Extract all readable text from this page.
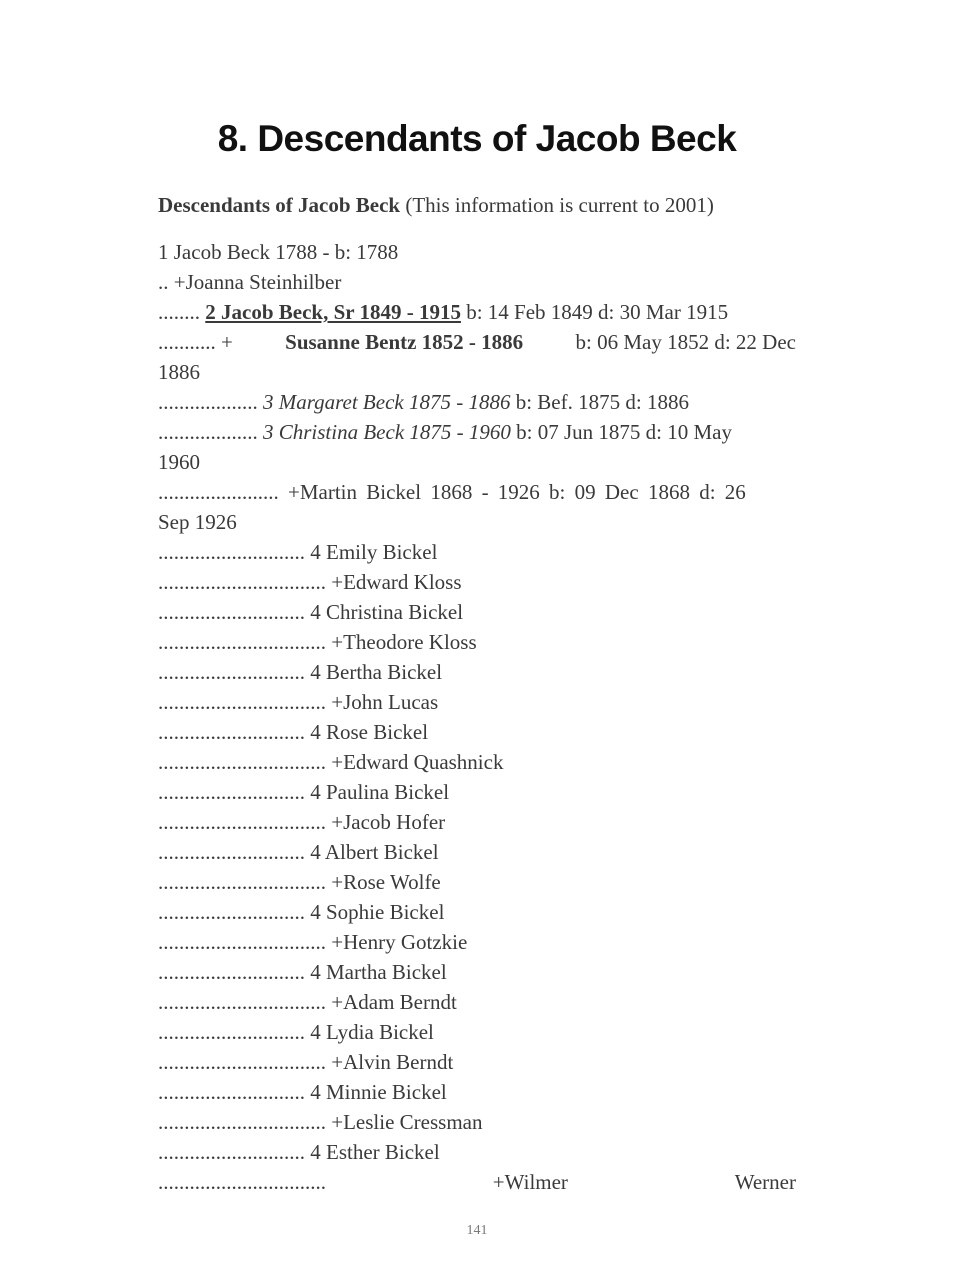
8. Descendants of Jacob Beck
Descendants of Jacob Beck (This information is current to 2001)
1 Jacob Beck 1788 - b: 1788
.. +Joanna Steinhilber
........ 2 Jacob Beck, Sr 1849 - 1915 b: 14 Feb 1849 d: 30 Mar 1915
........... + Susanne Bentz 1852 - 1886 b: 06 May 1852 d: 22 Dec
1886
................... 3 Margaret Beck 1875 - 1886 b: Bef. 1875 d: 1886
................... 3 Christina Beck 1875 - 1960 b: 07 Jun 1875 d: 10 May
1960
....................... +Martin Bickel 1868 - 1926 b: 09 Dec 1868 d: 26
Sep 1926
............................ 4 Emily Bickel
................................ +Edward Kloss
............................ 4 Christina Bickel
................................ +Theodore Kloss
............................ 4 Bertha Bickel
................................ +John Lucas
............................ 4 Rose Bickel
................................ +Edward Quashnick
............................ 4 Paulina Bickel
................................ +Jacob Hofer
............................ 4 Albert Bickel
................................ +Rose Wolfe
............................ 4 Sophie Bickel
................................ +Henry Gotzkie
............................ 4 Martha Bickel
................................ +Adam Berndt
............................ 4 Lydia Bickel
................................ +Alvin Berndt
............................ 4 Minnie Bickel
................................ +Leslie Cressman
............................ 4 Esther Bickel
................................	+Wilmer	Werner
141
